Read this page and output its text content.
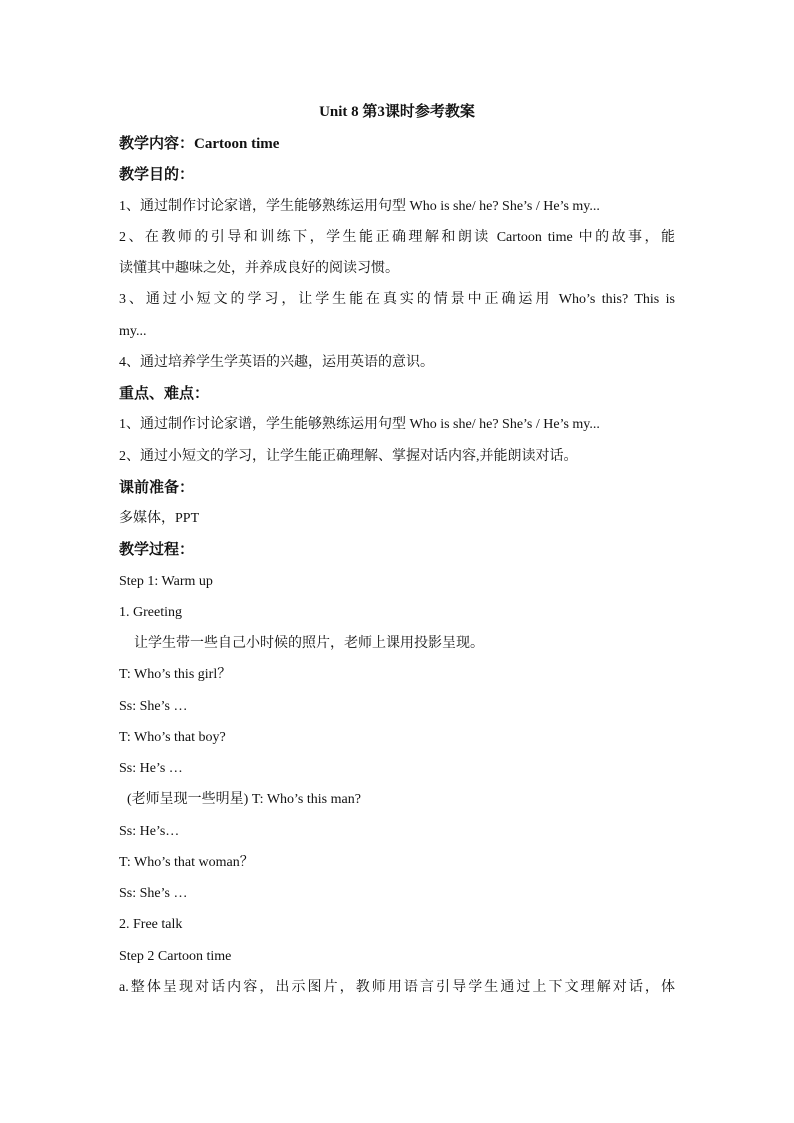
Unit 8 第3课时参考教案
教学内容：Cartoon time
教学目的：
1、通过制作讨论家谱，学生能够熟练运用句型 Who is she/ he? She’s / He’s my...
2、在教师的引导和训练下，学生能正确理解和朗读 Cartoon time 中的故事，能
读懂其中趣味之处，并养成良好的阅读习惯。
3、通过小短文的学习，让学生能在真实的情景中正确运用 Who’s this? This is
my...
4、通过培养学生学英语的兴趣，运用英语的意识。
重点、难点：
1、通过制作讨论家谱，学生能够熟练运用句型 Who is she/ he? She’s / He’s my...
2、通过小短文的学习，让学生能正确理解、掌握对话内容,并能朗读对话。
课前准备：
多媒体，PPT
教学过程：
Step 1: Warm up
1. Greeting
让学生带一些自己小时候的照片，老师上课用投影呈现。
T: Who’s this girl？
Ss: She’s …
T: Who’s that boy?
Ss: He’s …
(老师呈现一些明星) T: Who’s this man?
Ss: He’s…
T: Who’s that woman？
Ss: She’s …
2. Free talk
Step 2 Cartoon time
a.整体呈现对话内容，出示图片，教师用语言引导学生通过上下文理解对话，体
